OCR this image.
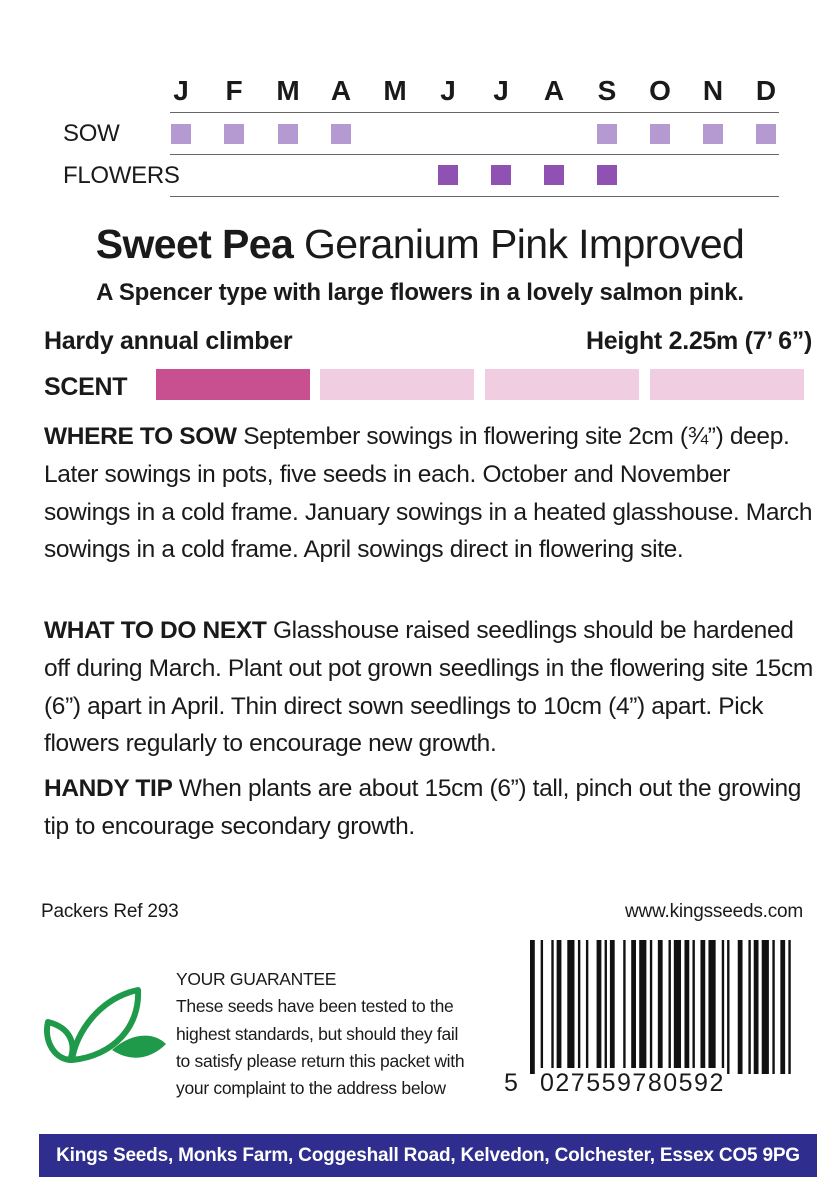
J	F	M	A	M	J	J	A	S	O	N	D
SOW
FLOWERS
Sweet Pea Geranium Pink Improved
A Spencer type with large flowers in a lovely salmon pink.
Hardy annual climber	Height 2.25m (7’ 6”)
SCENT
WHERE TO SOW September sowings in flowering site 2cm (¾”) deep. Later sowings in pots, five seeds in each. October and November sowings in a cold frame. January sowings in a heated glasshouse. March sowings in a cold frame. April sowings direct in flowering site.
WHAT TO DO NEXT Glasshouse raised seedlings should be hardened off during March. Plant out pot grown seedlings in the flowering site 15cm (6”) apart in April. Thin direct sown seedlings to 10cm (4”) apart. Pick flowers regularly to encourage new growth.
HANDY TIP When plants are about 15cm (6”) tall, pinch out the growing tip to encourage secondary growth.
Packers Ref 293	www.kingsseeds.com
YOUR GUARANTEE
These seeds have been tested to the
highest standards, but should they fail
to satisfy please return this packet with
your complaint to the address below	5 027559780592
Kings Seeds, Monks Farm, Coggeshall Road, Kelvedon, Colchester, Essex CO5 9PG
